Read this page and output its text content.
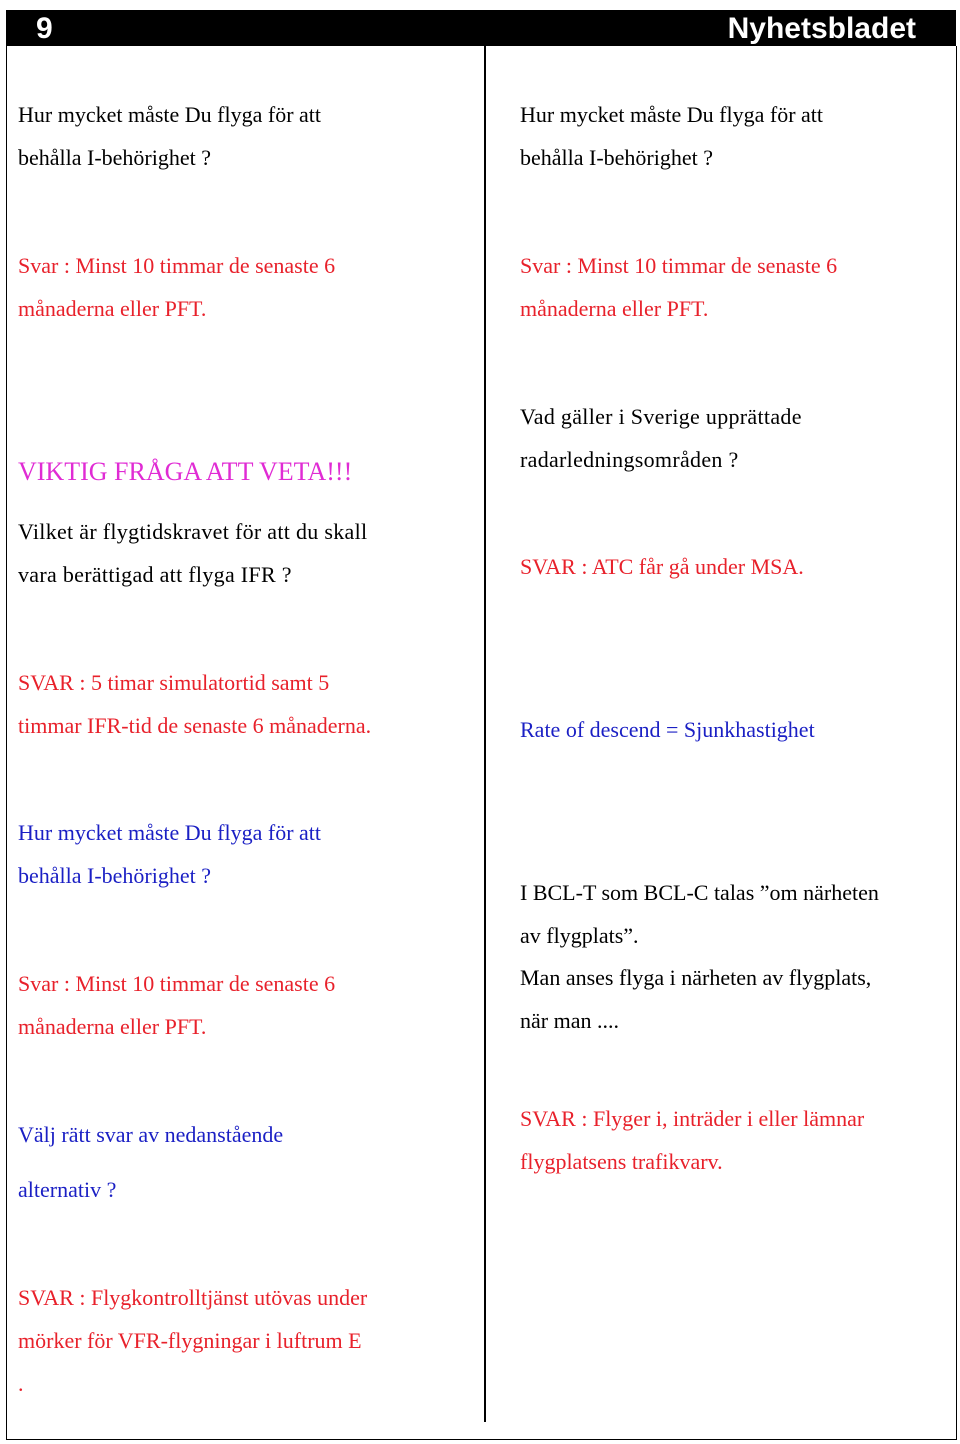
9	Nyhetsbladet

Hur mycket måste Du flyga för att

behålla I-behörighet ?

Svar : Minst 10 timmar de senaste 6

månaderna eller PFT.

VIKTIG FRÅGA ATT VETA!!!

Vilket är flygtidskravet för att du skall

vara berättigad att flyga IFR ?

SVAR : 5 timar simulatortid samt 5

timmar IFR-tid de senaste 6 månaderna.

Hur mycket måste Du flyga för att

behålla I-behörighet ?

Svar : Minst 10 timmar de senaste 6

månaderna eller PFT.

Välj rätt svar av nedanstående

alternativ ?

SVAR : Flygkontrolltjänst utövas under

mörker för VFR-flygningar i luftrum E

.

Hur mycket måste Du flyga för att

behålla I-behörighet ?

Svar : Minst 10 timmar de senaste 6

månaderna eller PFT.

Vad gäller i Sverige upprättade

radarledningsområden ?

SVAR : ATC får gå under MSA.

Rate of descend = Sjunkhastighet

I BCL-T som BCL-C talas ”om närheten

av flygplats”.

Man anses flyga i närheten av flygplats,

när man ....

SVAR : Flyger i, inträder i eller lämnar

flygplatsens trafikvarv.
